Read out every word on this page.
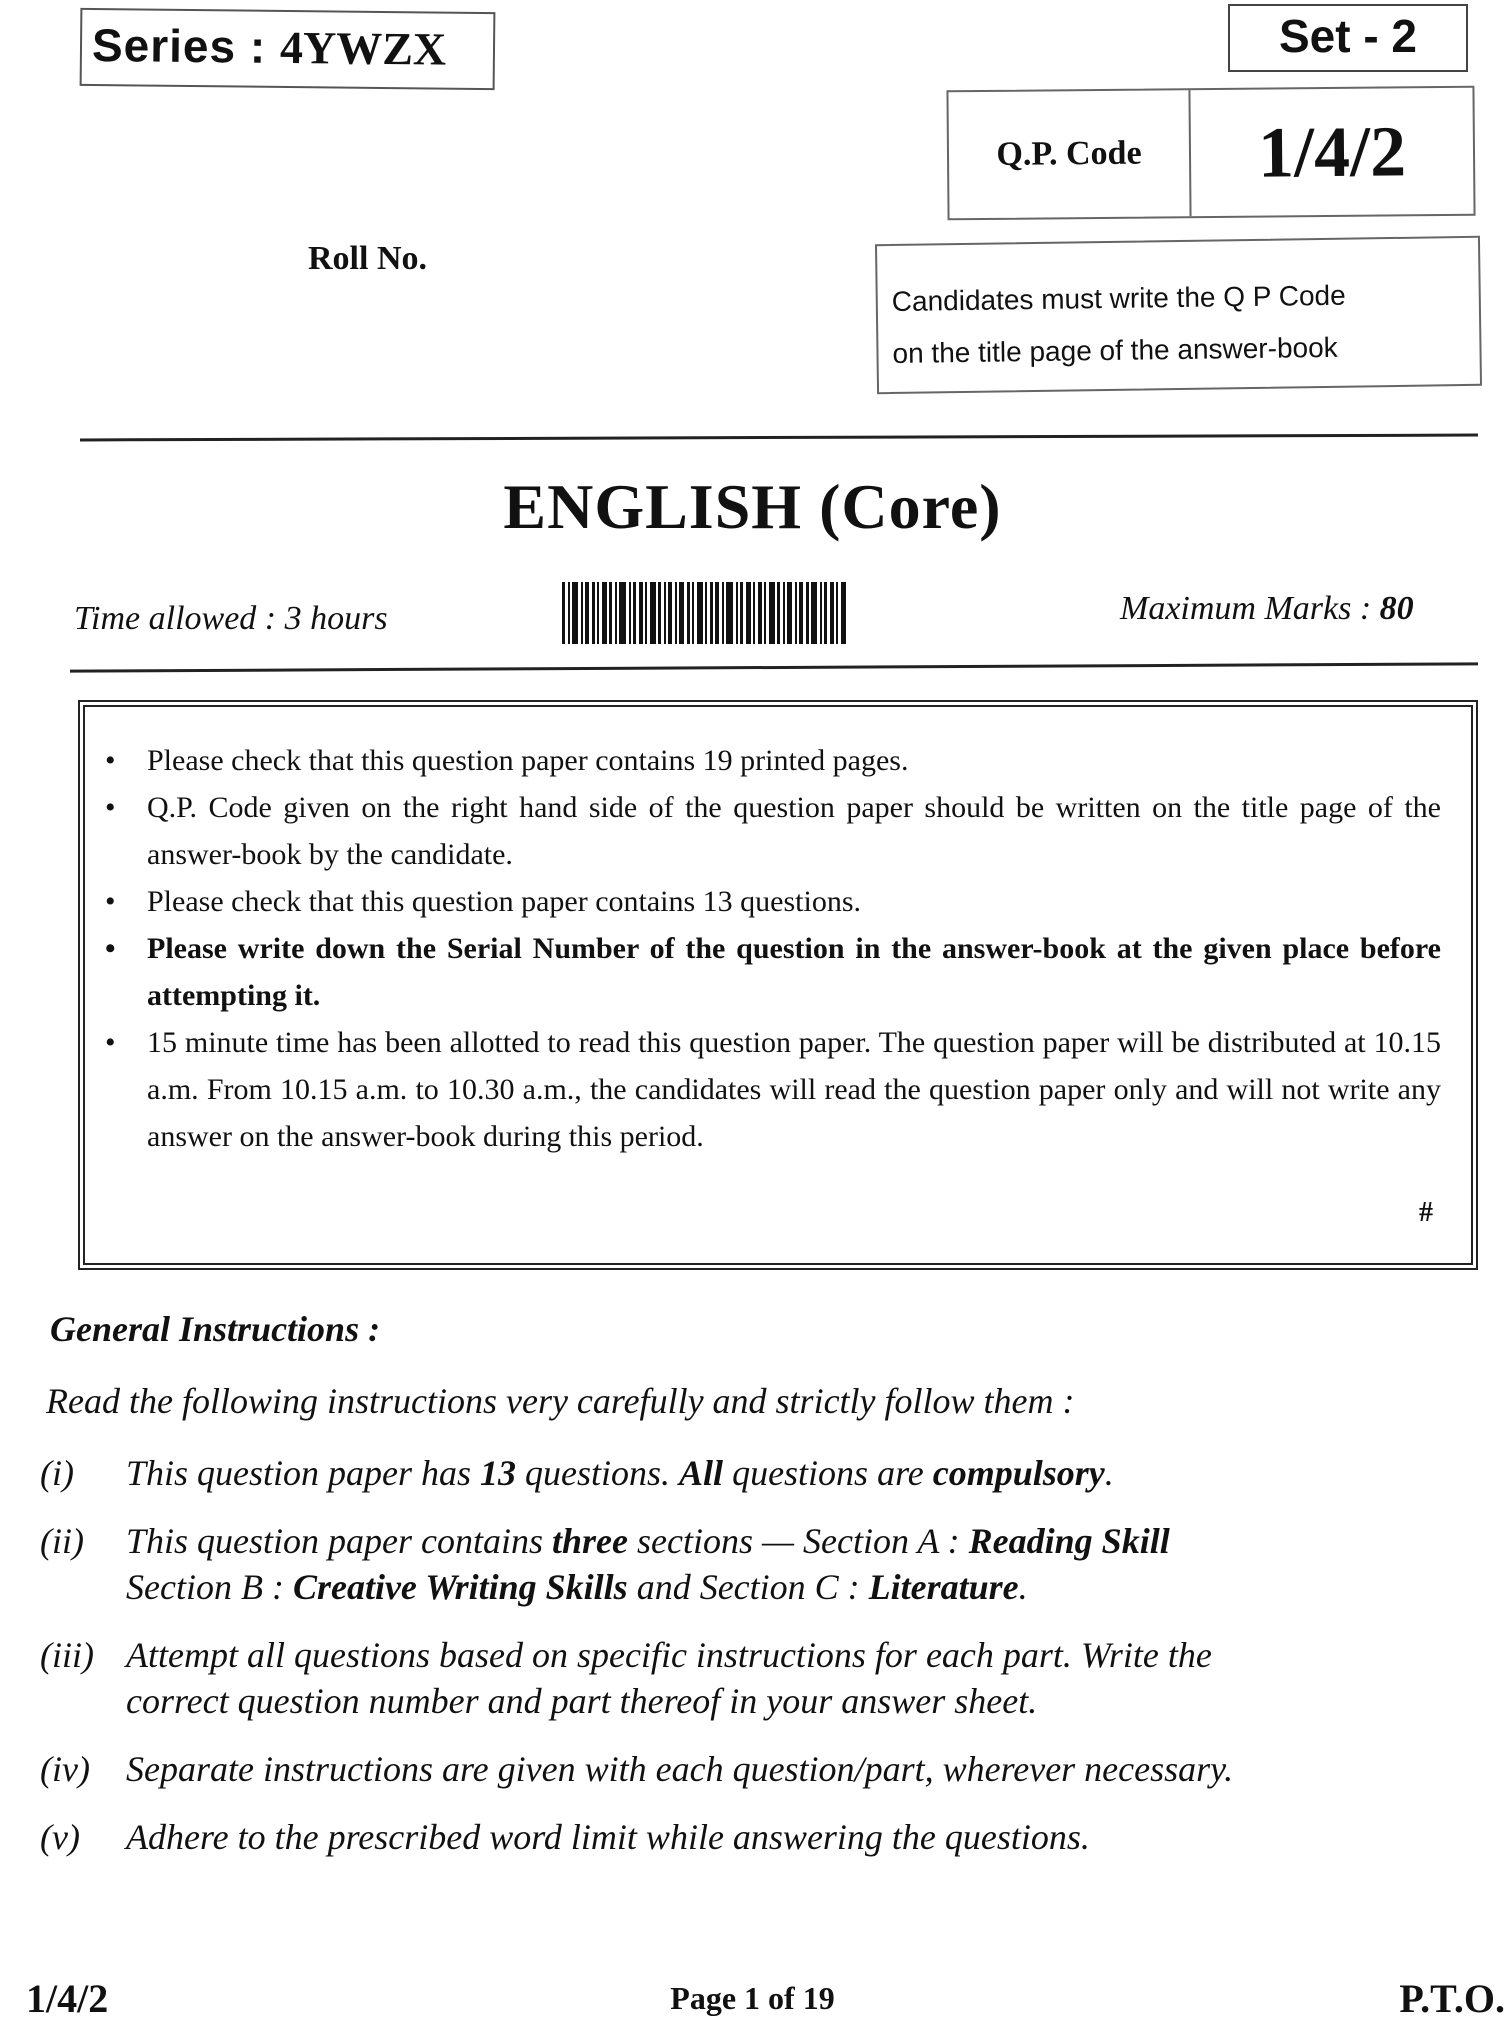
Series : 4YWZX	Set - 2
Q.P. Code	1/4/2
Roll No.
Candidates must write the Q P Code
on the title page of the answer-book
ENGLISH (Core)
Time allowed : 3 hours	Maximum Marks : 80
• Please check that this question paper contains 19 printed pages.
• Q.P. Code given on the right hand side of the question paper should be written on the title page of the answer-book by the candidate.
• Please check that this question paper contains 13 questions.
• Please write down the Serial Number of the question in the answer-book at the given place before attempting it.
• 15 minute time has been allotted to read this question paper. The question paper will be distributed at 10.15 a.m. From 10.15 a.m. to 10.30 a.m., the candidates will read the question paper only and will not write any answer on the answer-book during this period.
#
General Instructions :
Read the following instructions very carefully and strictly follow them :
(i) This question paper has 13 questions. All questions are compulsory.
(ii) This question paper contains three sections — Section A : Reading Skill
Section B : Creative Writing Skills and Section C : Literature.
(iii) Attempt all questions based on specific instructions for each part. Write the
correct question number and part thereof in your answer sheet.
(iv) Separate instructions are given with each question/part, wherever necessary.
(v) Adhere to the prescribed word limit while answering the questions.
1/4/2	Page 1 of 19	P.T.O.
